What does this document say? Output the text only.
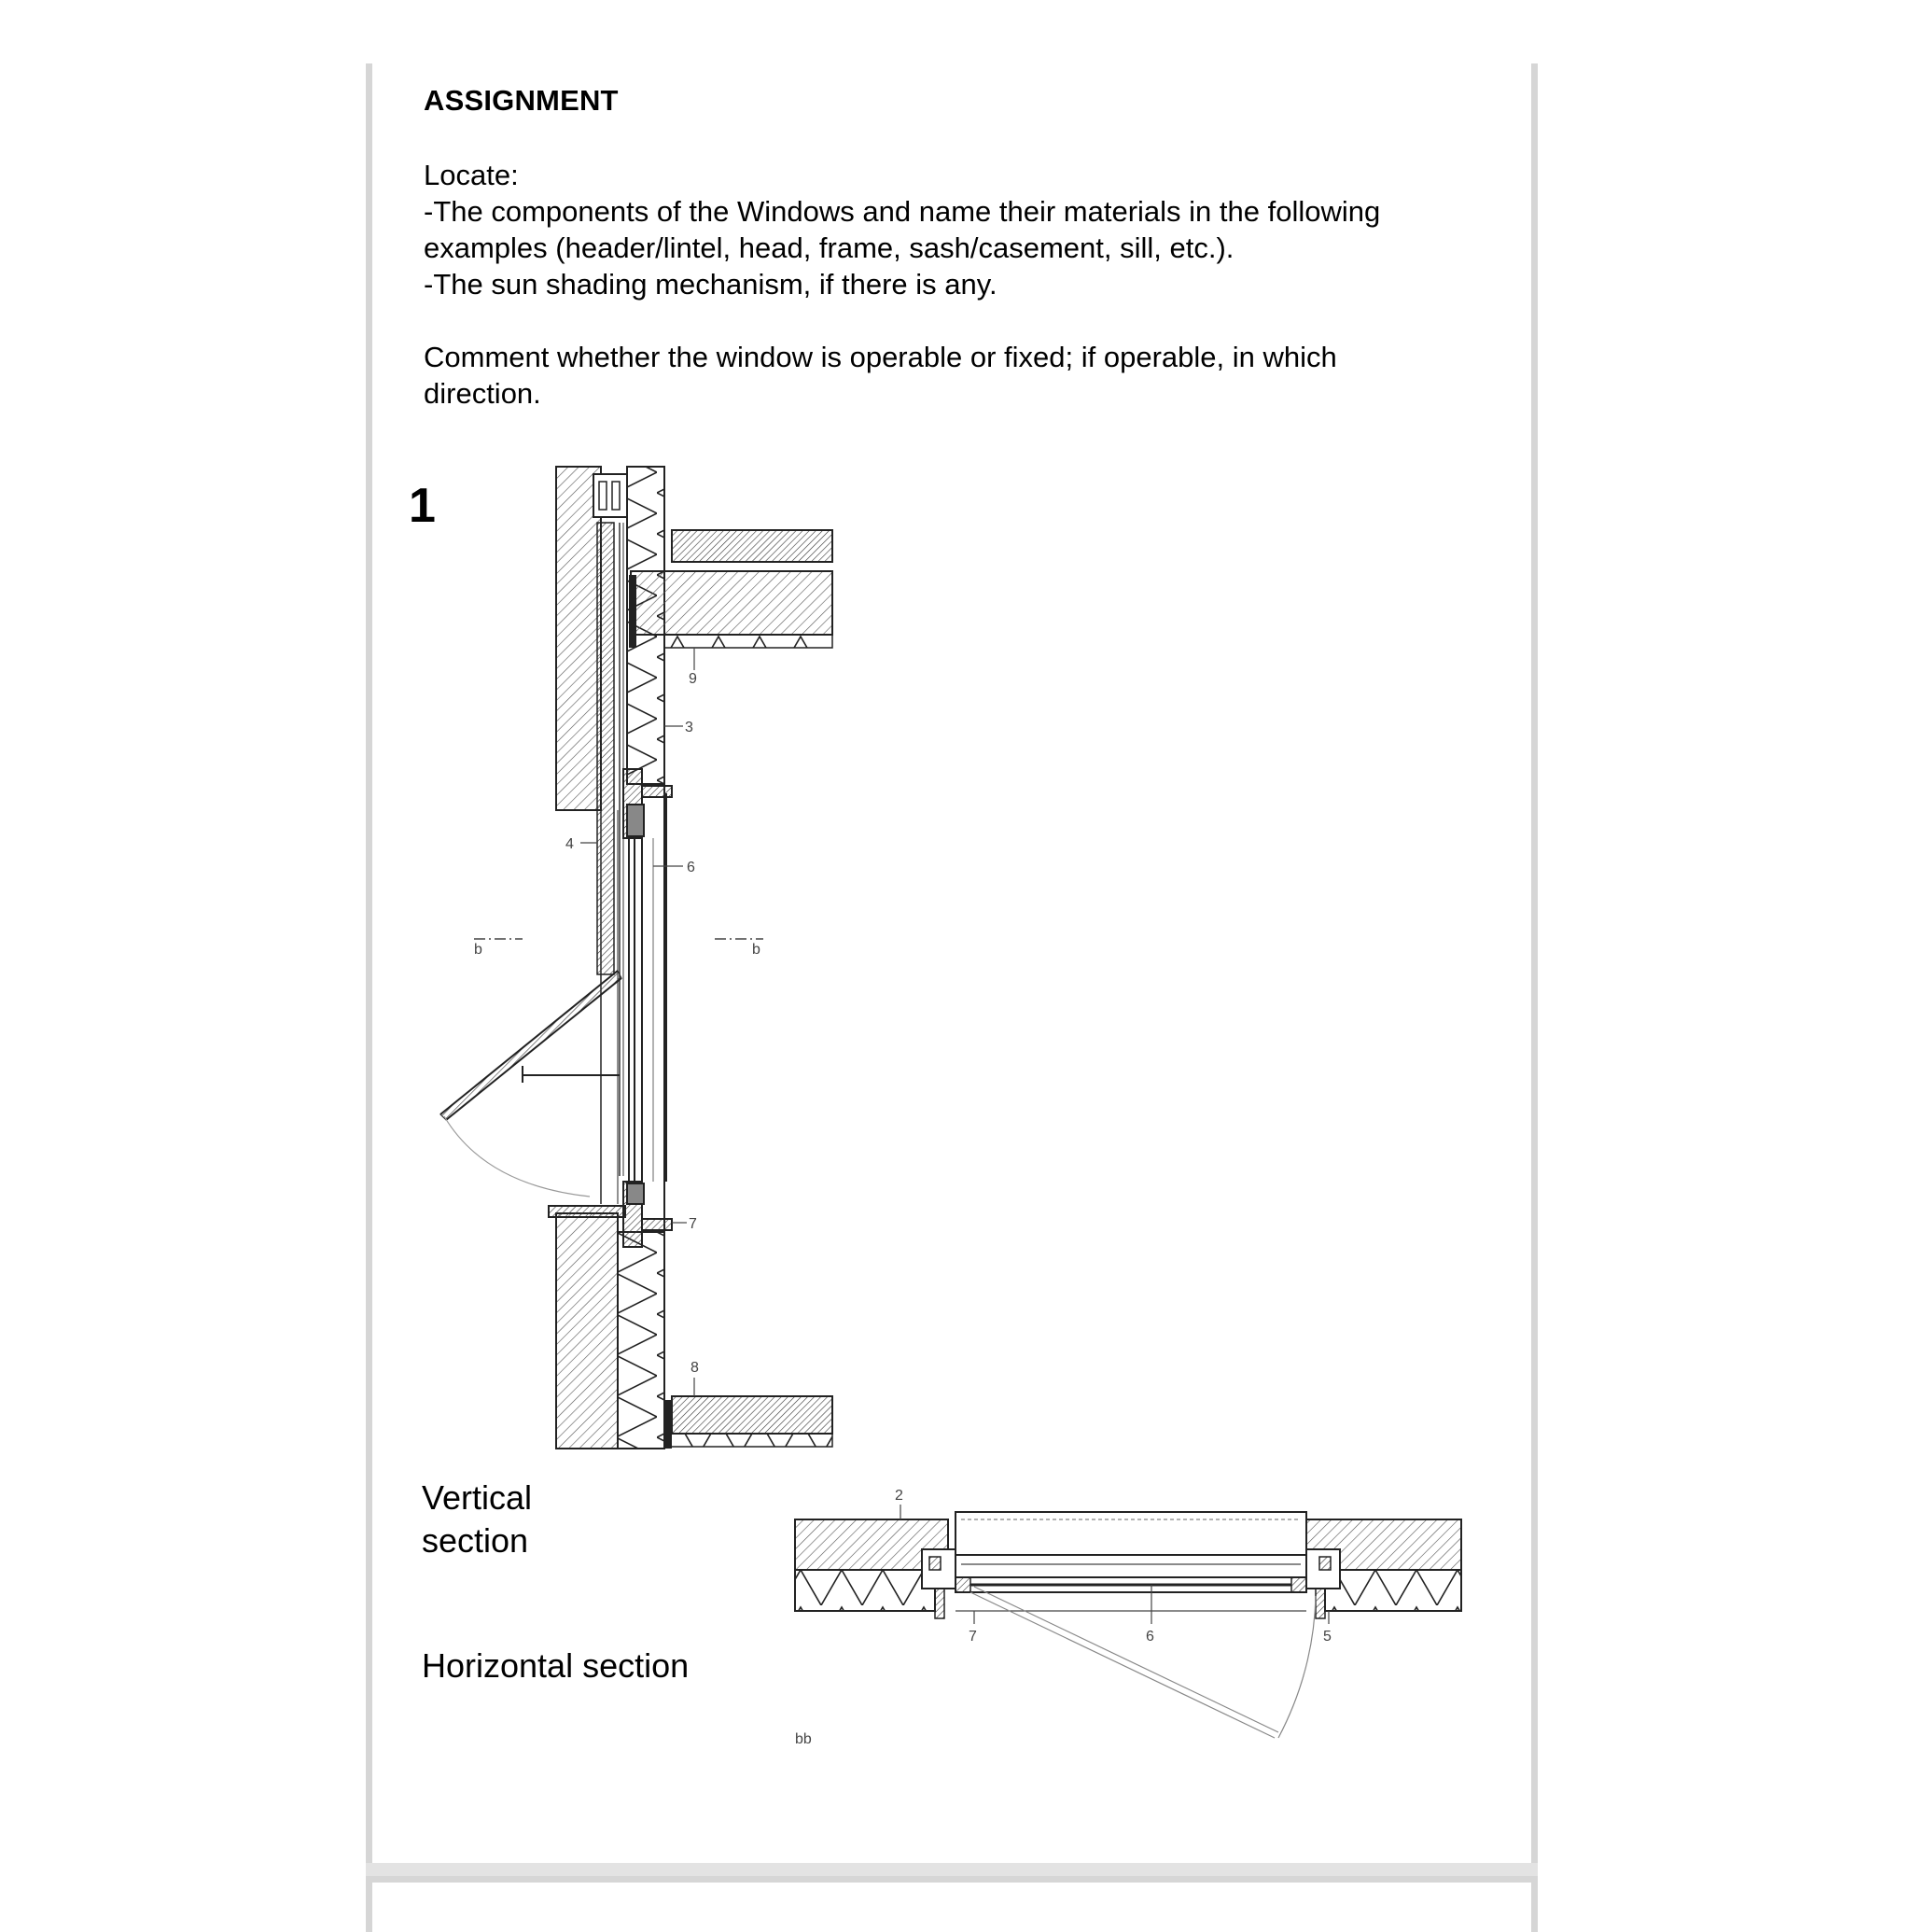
ASSIGNMENT
Locate:
-The components of the Windows and name their materials in the following
examples (header/lintel, head, frame, sash/casement, sill, etc.).
-The sun shading mechanism, if there is any.
Comment whether the window is operable or fixed; if operable, in which
direction.
1
Vertical
section
Horizontal section
9
3
4
6
b	b
7
8
2
7	6	5
bb
